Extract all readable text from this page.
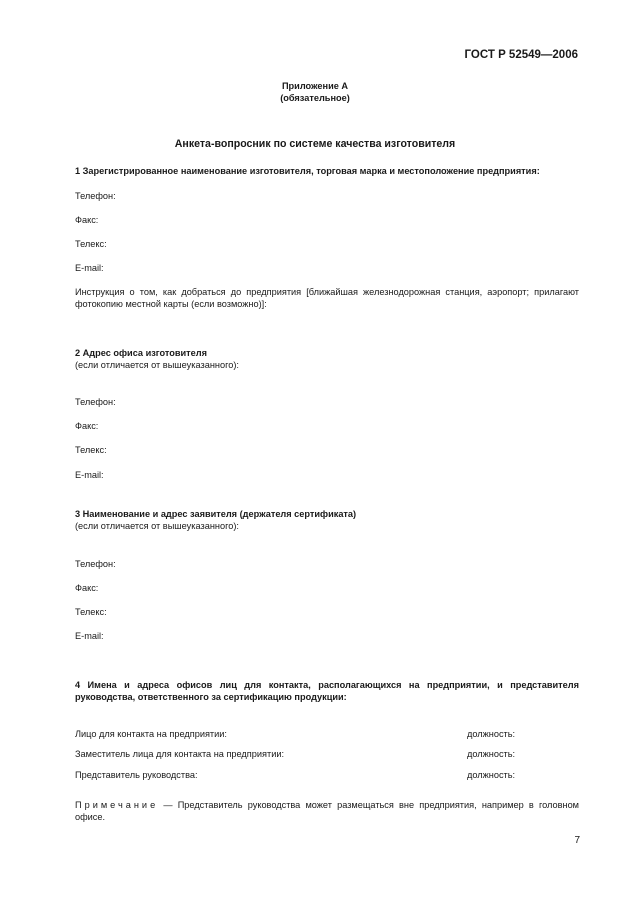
ГОСТ Р 52549—2006
Приложение А
(обязательное)
Анкета-вопросник по системе качества изготовителя
1 Зарегистрированное наименование изготовителя, торговая марка и местоположение предприятия:
Телефон:
Факс:
Телекс:
E-mail:
Инструкция о том, как добраться до предприятия [ближайшая железнодорожная станция, аэропорт; прилагают фотокопию местной карты (если возможно)]:
2 Адрес офиса изготовителя
(если отличается от вышеуказанного):
Телефон:
Факс:
Телекс:
E-mail:
3 Наименование и адрес заявителя (держателя сертификата)
(если отличается от вышеуказанного):
Телефон:
Факс:
Телекс:
E-mail:
4 Имена и адреса офисов лиц для контакта, располагающихся на предприятии, и представителя руководства, ответственного за сертификацию продукции:
Лицо для контакта на предприятии:	должность:
Заместитель лица для контакта на предприятии:	должность:
Представитель руководства:	должность:
Примечание — Представитель руководства может размещаться вне предприятия, например в головном офисе.
7
